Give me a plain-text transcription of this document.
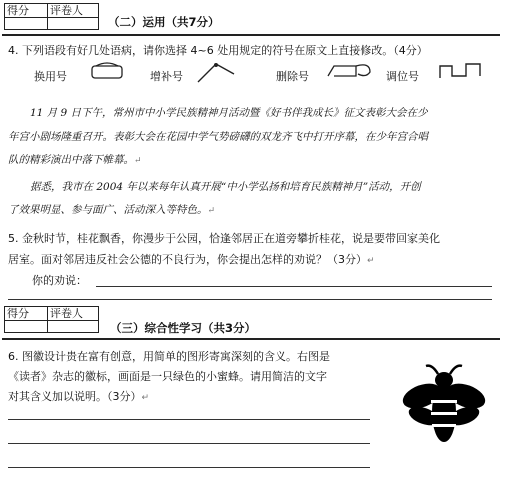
得分	评卷人

（二）运用（共7分）
4. 下列语段有好几处语病，请你选择 4~6 处用规定的符号在原文上直接修改。（4分）
换用号	增补号	删除号	调位号
11 月 9 日下午，常州市中小学民族精神月活动暨《好书伴我成长》征文表彰大会在少
年宫小剧场隆重召开。表彰大会在花园中学气势磅礴的双龙齐飞中打开序幕，在少年宫合唱
队的精彩演出中落下帷幕。↵
据悉，我市在 2004 年以来每年认真开展“中小学弘扬和培育民族精神月”活动，开创
了效果明显、参与面广、活动深入等特色。↵
5. 金秋时节，桂花飘香，你漫步于公园，恰逢邻居正在道旁攀折桂花，说是要带回家美化
居室。面对邻居违反社会公德的不良行为，你会提出怎样的劝说？（3分）↵
你的劝说：
得分	评卷人

（三）综合性学习（共3分）
6. 图徽设计贵在富有创意，用简单的图形寄寓深刻的含义。右图是
《读者》杂志的徽标，画面是一只绿色的小蜜蜂。请用简洁的文字
对其含义加以说明。（3分）↵
